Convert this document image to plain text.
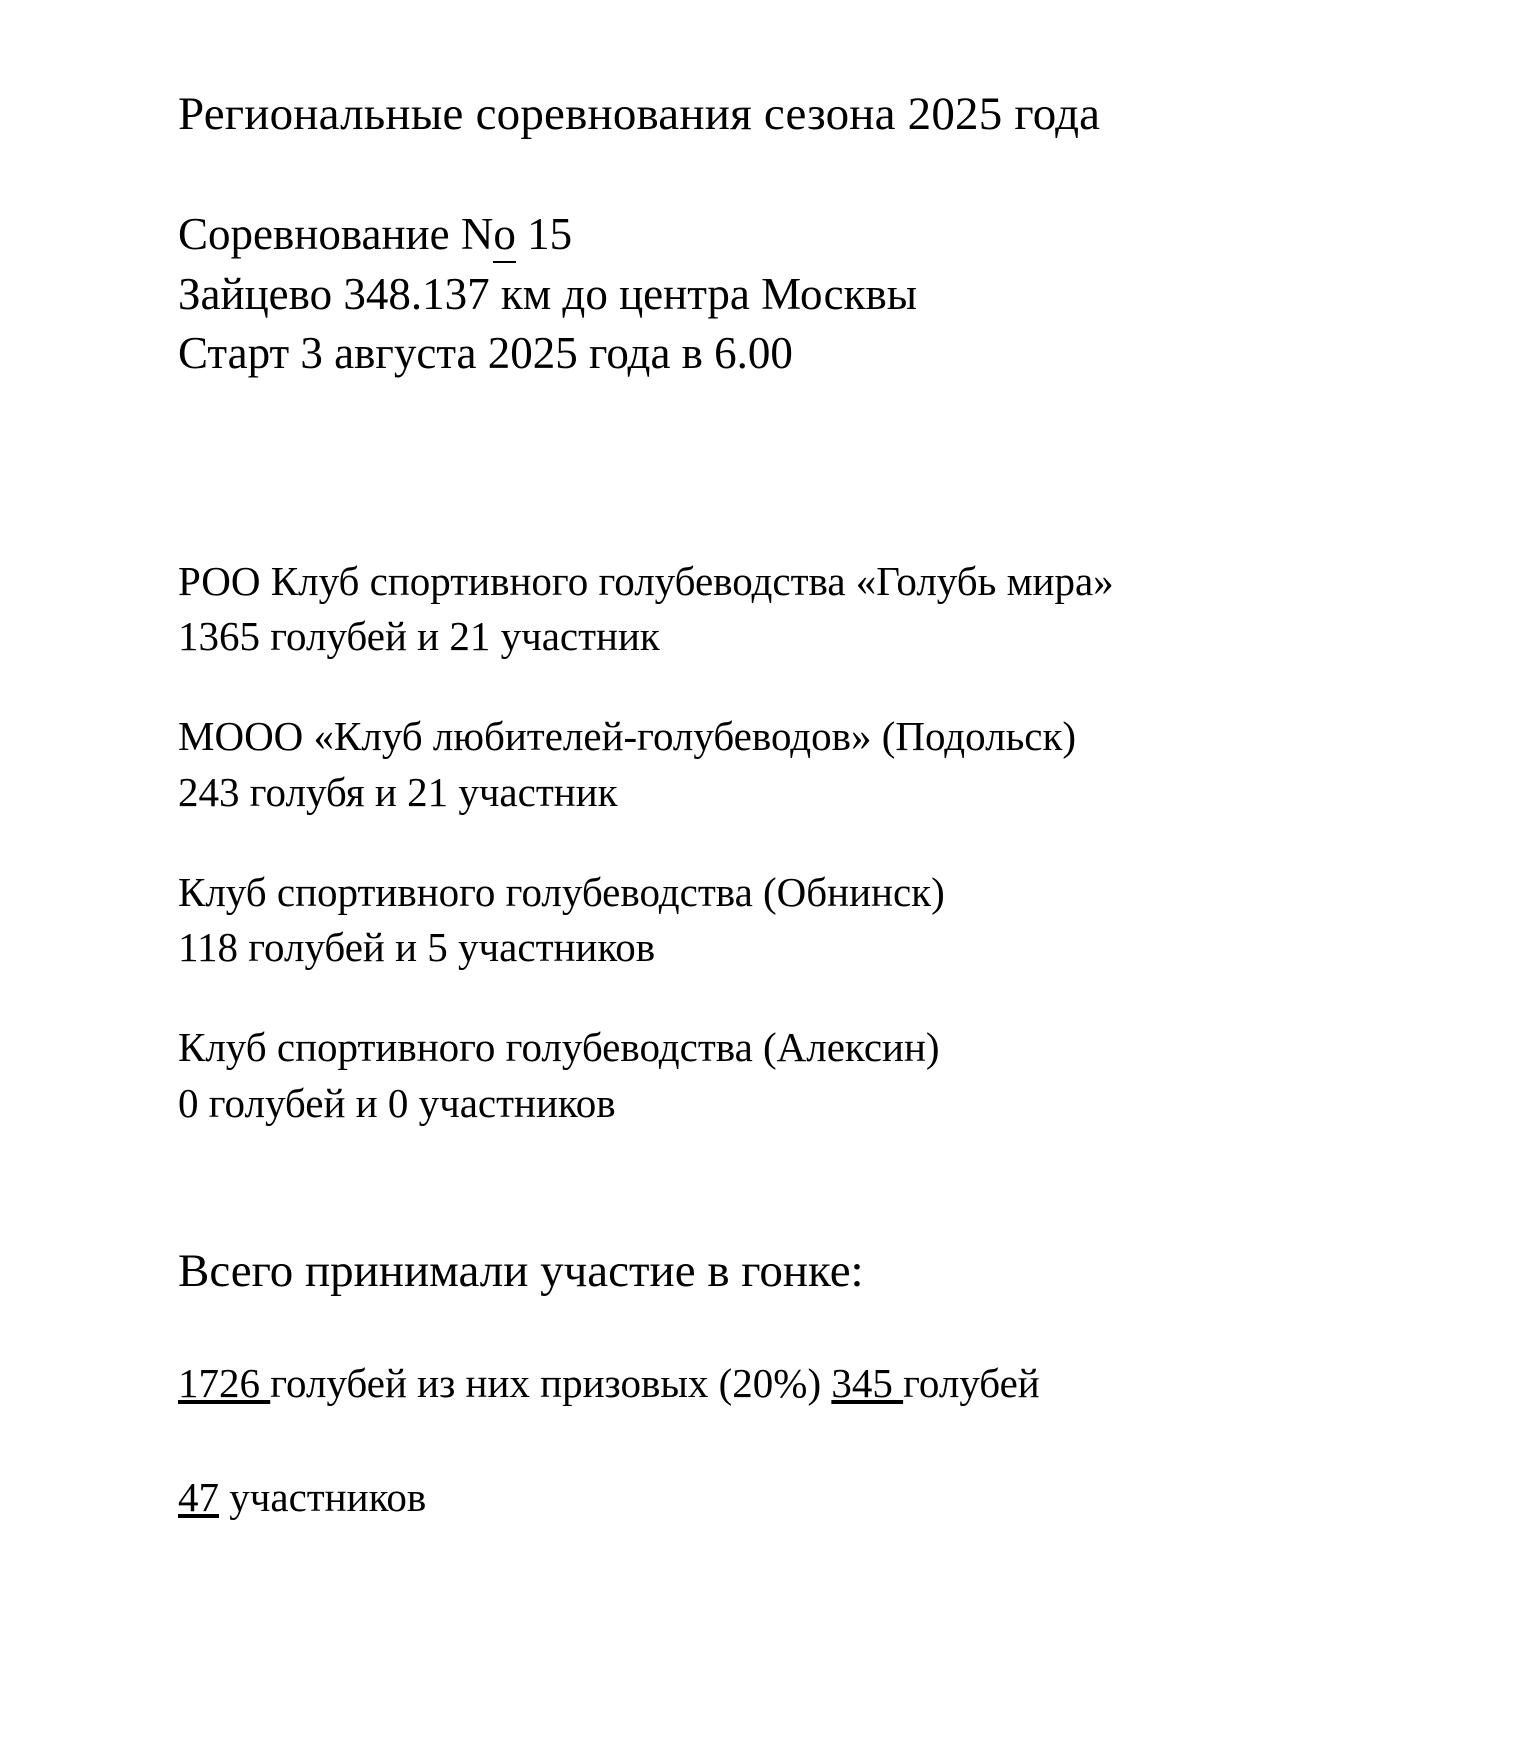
Региональные соревнования сезона 2025 года

Соревнование No 15

Зайцево 348.137 км до центра Москвы

Старт 3 августа 2025 года в 6.00

РОО Клуб спортивного голубеводства «Голубь мира»

1365 голубей и 21 участник

МООО «Клуб любителей-голубеводов» (Подольск)

243 голубя и 21 участник

Клуб спортивного голубеводства (Обнинск)

118 голубей и 5 участников

Клуб спортивного голубеводства (Алексин)

0 голубей и 0 участников

Всего принимали участие в гонке:

1726 голубей из них призовых (20%) 345 голубей

47 участников
